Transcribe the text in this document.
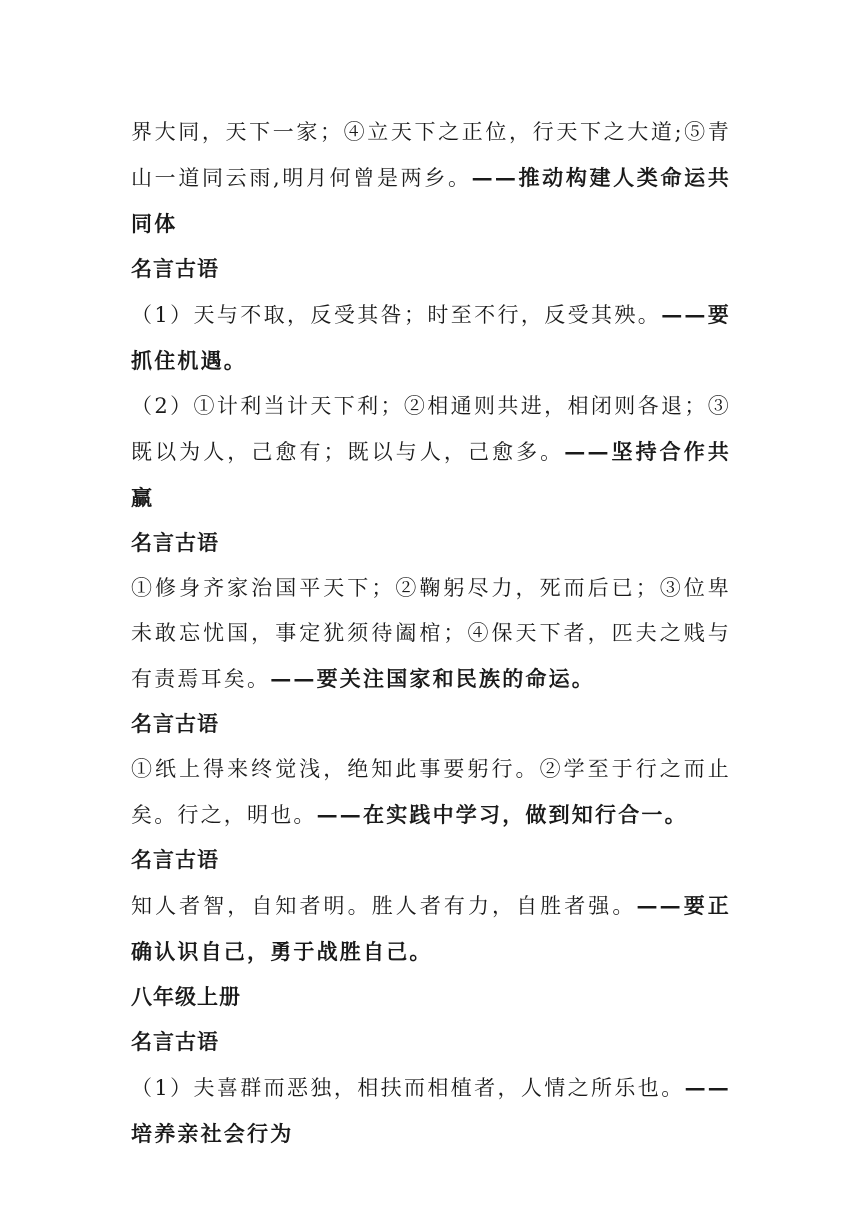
界大同，天下一家；④立天下之正位，行天下之大道;⑤青山一道同云雨,明月何曾是两乡。——推动构建人类命运共同体

名言古语

（1）天与不取，反受其咎；时至不行，反受其殃。——要抓住机遇。

（2）①计利当计天下利；②相通则共进，相闭则各退；③既以为人，己愈有；既以与人，己愈多。——坚持合作共赢

名言古语

①修身齐家治国平天下；②鞠躬尽力，死而后已；③位卑未敢忘忧国，事定犹须待阖棺；④保天下者，匹夫之贱与有责焉耳矣。——要关注国家和民族的命运。

名言古语

①纸上得来终觉浅，绝知此事要躬行。②学至于行之而止矣。行之，明也。——在实践中学习，做到知行合一。

名言古语

知人者智，自知者明。胜人者有力，自胜者强。——要正确认识自己，勇于战胜自己。

八年级上册
名言古语

（1）夫喜群而恶独，相扶而相植者，人情之所乐也。——培养亲社会行为
